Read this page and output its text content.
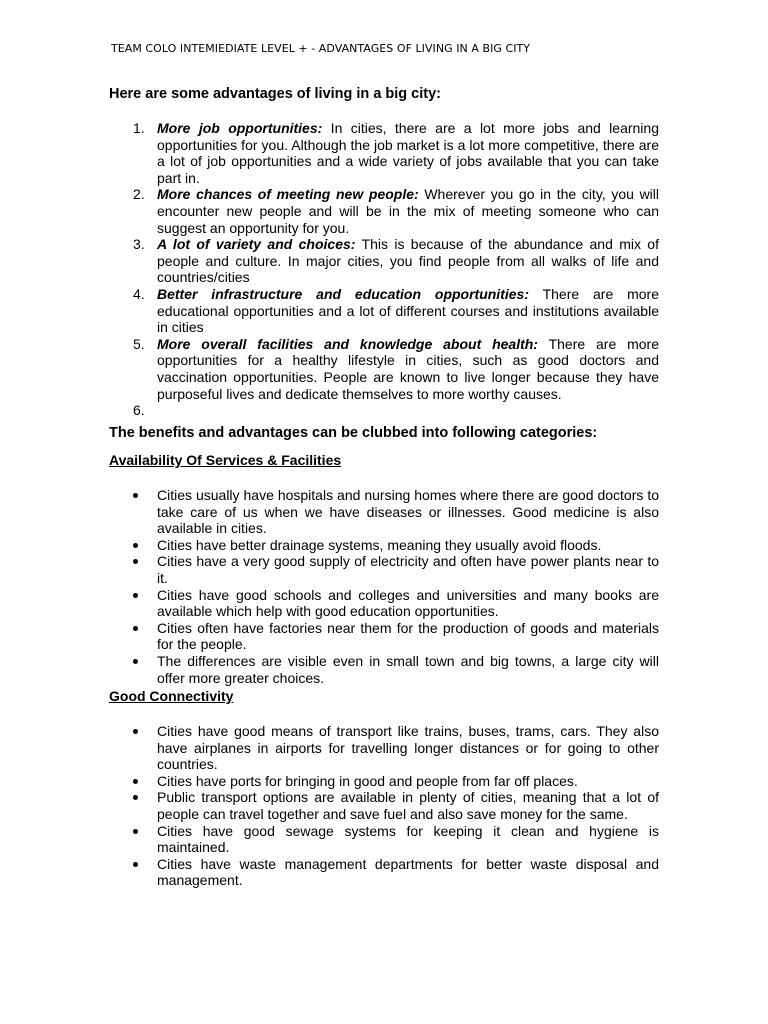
TEAM COLO INTEMIEDIATE LEVEL + - ADVANTAGES OF LIVING IN A BIG CITY
Here are some advantages of living in a big city:
1. More job opportunities: In cities, there are a lot more jobs and learning opportunities for you. Although the job market is a lot more competitive, there are a lot of job opportunities and a wide variety of jobs available that you can take part in.
2. More chances of meeting new people: Wherever you go in the city, you will encounter new people and will be in the mix of meeting someone who can suggest an opportunity for you.
3. A lot of variety and choices: This is because of the abundance and mix of people and culture. In major cities, you find people from all walks of life and countries/cities
4. Better infrastructure and education opportunities: There are more educational opportunities and a lot of different courses and institutions available in cities
5. More overall facilities and knowledge about health: There are more opportunities for a healthy lifestyle in cities, such as good doctors and vaccination opportunities. People are known to live longer because they have purposeful lives and dedicate themselves to more worthy causes.
6.

The benefits and advantages can be clubbed into following categories:
Availability Of Services & Facilities
Cities usually have hospitals and nursing homes where there are good doctors to take care of us when we have diseases or illnesses. Good medicine is also available in cities.
Cities have better drainage systems, meaning they usually avoid floods.
Cities have a very good supply of electricity and often have power plants near to it.
Cities have good schools and colleges and universities and many books are available which help with good education opportunities.
Cities often have factories near them for the production of goods and materials for the people.
The differences are visible even in small town and big towns, a large city will offer more greater choices.
Good Connectivity
Cities have good means of transport like trains, buses, trams, cars. They also have airplanes in airports for travelling longer distances or for going to other countries.
Cities have ports for bringing in good and people from far off places.
Public transport options are available in plenty of cities, meaning that a lot of people can travel together and save fuel and also save money for the same.
Cities have good sewage systems for keeping it clean and hygiene is maintained.
Cities have waste management departments for better waste disposal and management.
